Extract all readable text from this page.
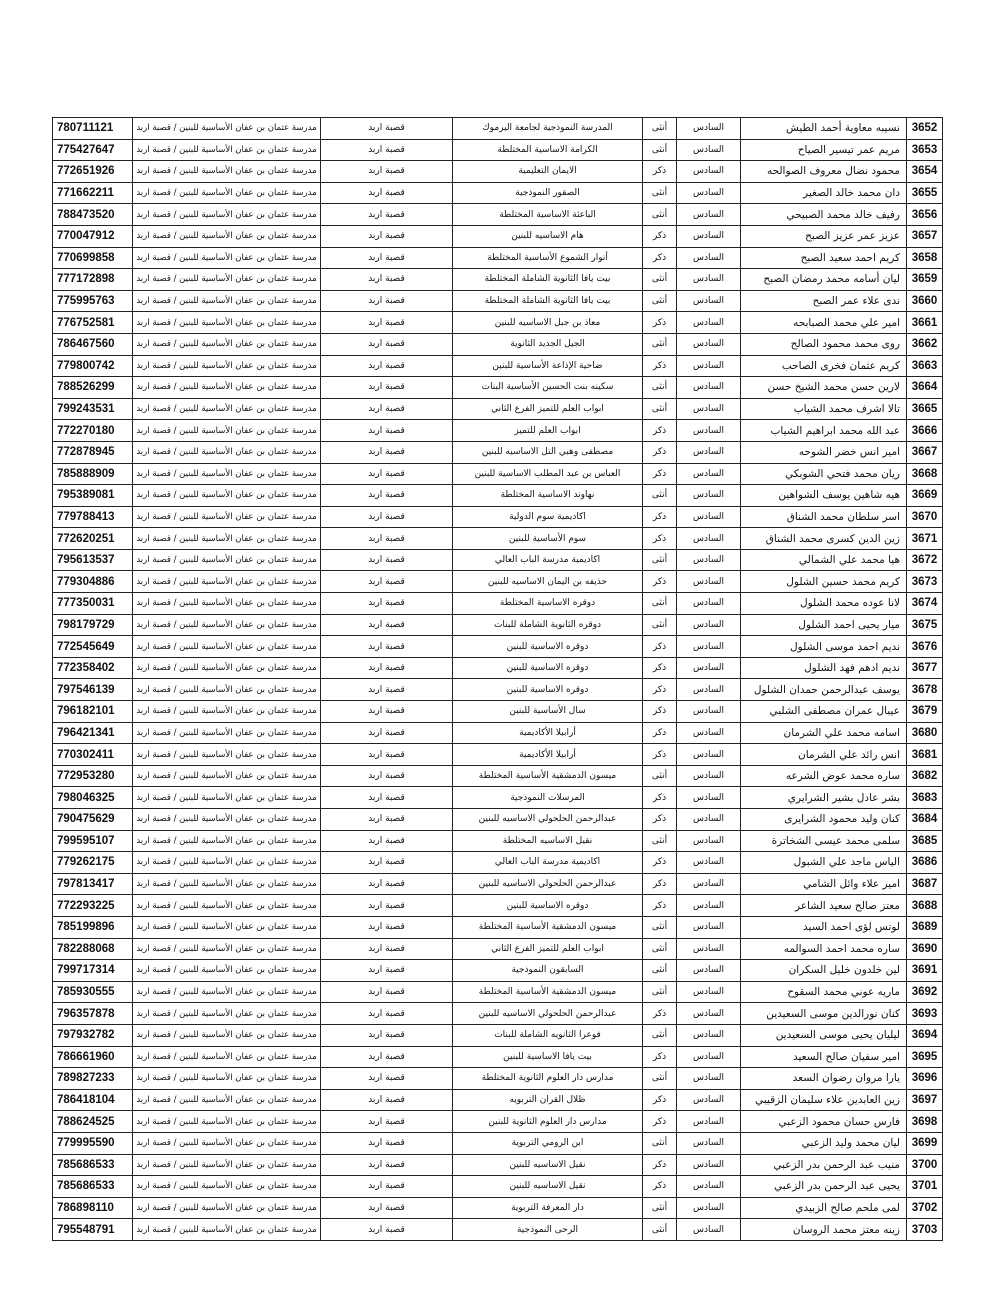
780711121	مدرسة عثمان بن عفان الأساسية للبنين / قصبة اربد	قصبة اربد	المدرسة النموذجية لجامعة اليرموك	أنثى	السادس	نسيبه معاوية أحمد الطيش	3652
775427647	مدرسة عثمان بن عفان الأساسية للبنين / قصبة اربد	قصبة اربد	الكرامة الاساسية المختلطة	أنثى	السادس	مريم عمر تيسير الصياح	3653
772651926	مدرسة عثمان بن عفان الأساسية للبنين / قصبة اربد	قصبة اربد	الايمان التعليمية	ذكر	السادس	محمود نضال معروف الصوالحه	3654
771662211	مدرسة عثمان بن عفان الأساسية للبنين / قصبة اربد	قصبة اربد	الصقور النموذجية	أنثى	السادس	دان محمد خالد الصغير	3655
788473520	مدرسة عثمان بن عفان الأساسية للبنين / قصبة اربد	قصبة اربد	الباعثة الاساسية المختلطة	أنثى	السادس	رفيف خالد محمد الصبيحي	3656
770047912	مدرسة عثمان بن عفان الأساسية للبنين / قصبة اربد	قصبة اربد	هام الاساسيه للبنين	ذكر	السادس	عزيز عمر عزيز الصبح	3657
770699858	مدرسة عثمان بن عفان الأساسية للبنين / قصبة اربد	قصبة اربد	أنوار الشموع الأساسية المختلطة	ذكر	السادس	كريم احمد سعيد الصبح	3658
777172898	مدرسة عثمان بن عفان الأساسية للبنين / قصبة اربد	قصبة اربد	بيت يافا الثانوية الشاملة المختلطة	أنثى	السادس	ليان أسامه محمد رمضان الصبح	3659
775995763	مدرسة عثمان بن عفان الأساسية للبنين / قصبة اربد	قصبة اربد	بيت يافا الثانوية الشاملة المختلطة	أنثى	السادس	ندى علاء عمر الصبح	3660
776752581	مدرسة عثمان بن عفان الأساسية للبنين / قصبة اربد	قصبة اربد	معاذ بن جبل الاساسيه للبنين	ذكر	السادس	امير علي محمد الصبابحه	3661
786467560	مدرسة عثمان بن عفان الأساسية للبنين / قصبة اربد	قصبة اربد	الجيل الجديد الثانوية	أنثى	السادس	روى محمد محمود الصالح	3662
779800742	مدرسة عثمان بن عفان الأساسية للبنين / قصبة اربد	قصبة اربد	ضاحية الإذاعة الأساسية للبنين	ذكر	السادس	كريم عثمان فخرى الصاحب	3663
788526299	مدرسة عثمان بن عفان الأساسية للبنين / قصبة اربد	قصبة اربد	سكينه بنت الحسين الأساسية البنات	أنثى	السادس	لارين حسن محمد الشيخ حسن	3664
799243531	مدرسة عثمان بن عفان الأساسية للبنين / قصبة اربد	قصبة اربد	ابواب العلم للتميز الفرع الثاني	أنثى	السادس	تالا اشرف محمد الشياب	3665
772270180	مدرسة عثمان بن عفان الأساسية للبنين / قصبة اربد	قصبة اربد	ابواب العلم للتميز	ذكر	السادس	عبد الله محمد ابراهيم الشياب	3666
772878945	مدرسة عثمان بن عفان الأساسية للبنين / قصبة اربد	قصبة اربد	مصطفى وهبي التل الاساسيه للبنين	ذكر	السادس	امير انس خضر الشوحه	3667
785888909	مدرسة عثمان بن عفان الأساسية للبنين / قصبة اربد	قصبة اربد	العباس بن عبد المطلب الاساسية للبنين	ذكر	السادس	ريان محمد فتحي الشوبكي	3668
795389081	مدرسة عثمان بن عفان الأساسية للبنين / قصبة اربد	قصبة اربد	نهاوند الاساسية المختلطة	أنثى	السادس	هيه شاهين يوسف الشواهين	3669
779788413	مدرسة عثمان بن عفان الأساسية للبنين / قصبة اربد	قصبة اربد	اكاديمية سوم الدولية	ذكر	السادس	اسر سلطان محمد الشناق	3670
772620251	مدرسة عثمان بن عفان الأساسية للبنين / قصبة اربد	قصبة اربد	سوم الأساسية للبنين	ذكر	السادس	زين الدين كسرى محمد الشناق	3671
795613537	مدرسة عثمان بن عفان الأساسية للبنين / قصبة اربد	قصبة اربد	اكاديمية مدرسة الباب العالي	أنثى	السادس	هيا محمد علي الشمالي	3672
779304886	مدرسة عثمان بن عفان الأساسية للبنين / قصبة اربد	قصبة اربد	حذيفه بن اليمان الاساسيه للبنين	ذكر	السادس	كريم محمد حسين الشلول	3673
777350031	مدرسة عثمان بن عفان الأساسية للبنين / قصبة اربد	قصبة اربد	دوقره الاساسية المختلطة	أنثى	السادس	لانا عوده محمد الشلول	3674
798179729	مدرسة عثمان بن عفان الأساسية للبنين / قصبة اربد	قصبة اربد	دوقره الثانوية الشاملة للبنات	أنثى	السادس	ميار يحيى احمد الشلول	3675
772545649	مدرسة عثمان بن عفان الأساسية للبنين / قصبة اربد	قصبة اربد	دوقره الاساسية للبنين	ذكر	السادس	نديم احمد موسى الشلول	3676
772358402	مدرسة عثمان بن عفان الأساسية للبنين / قصبة اربد	قصبة اربد	دوقره الاساسية للبنين	ذكر	السادس	نديم ادهم فهد الشلول	3677
797546139	مدرسة عثمان بن عفان الأساسية للبنين / قصبة اربد	قصبة اربد	دوقره الاساسية للبنين	ذكر	السادس	يوسف عبدالرحمن حمدان الشلول	3678
796182101	مدرسة عثمان بن عفان الأساسية للبنين / قصبة اربد	قصبة اربد	سال الأساسية للبنين	ذكر	السادس	عيبال عمران مصطفى الشلبي	3679
796421341	مدرسة عثمان بن عفان الأساسية للبنين / قصبة اربد	قصبة اربد	أرابيلا الأكاديمية	ذكر	السادس	اسامه محمد علي الشرمان	3680
770302411	مدرسة عثمان بن عفان الأساسية للبنين / قصبة اربد	قصبة اربد	أرابيلا الأكاديمية	ذكر	السادس	انس رائد علي الشرمان	3681
772953280	مدرسة عثمان بن عفان الأساسية للبنين / قصبة اربد	قصبة اربد	ميسون الدمشقية الأساسية المختلطة	أنثى	السادس	ساره محمد عوض الشرعه	3682
798046325	مدرسة عثمان بن عفان الأساسية للبنين / قصبة اربد	قصبة اربد	المرسلات النموذجية	ذكر	السادس	بشر عادل بشير الشرايري	3683
790475629	مدرسة عثمان بن عفان الأساسية للبنين / قصبة اربد	قصبة اربد	عبدالرحمن الحلحولي الاساسيه للبنين	ذكر	السادس	كنان وليد محمود الشرايرى	3684
799595107	مدرسة عثمان بن عفان الأساسية للبنين / قصبة اربد	قصبة اربد	نقيل الاساسيه المختلطة	أنثى	السادس	سلمى محمد عيسى الشخاترة	3685
779262175	مدرسة عثمان بن عفان الأساسية للبنين / قصبة اربد	قصبة اربد	اكاديمية مدرسة الباب العالي	ذكر	السادس	الياس ماجد علي الشبول	3686
797813417	مدرسة عثمان بن عفان الأساسية للبنين / قصبة اربد	قصبة اربد	عبدالرحمن الحلحولي الاساسيه للبنين	ذكر	السادس	امير علاء وائل الشامي	3687
772293225	مدرسة عثمان بن عفان الأساسية للبنين / قصبة اربد	قصبة اربد	دوقره الاساسية للبنين	ذكر	السادس	معتز صالح سعيد الشاعر	3688
785199896	مدرسة عثمان بن عفان الأساسية للبنين / قصبة اربد	قصبة اربد	ميسون الدمشقية الأساسية المختلطة	أنثى	السادس	لوتس لؤى احمد السيد	3689
782288068	مدرسة عثمان بن عفان الأساسية للبنين / قصبة اربد	قصبة اربد	ابواب العلم للتميز الفرع الثاني	أنثى	السادس	ساره محمد احمد السوالمه	3690
799717314	مدرسة عثمان بن عفان الأساسية للبنين / قصبة اربد	قصبة اربد	السابقون النموذجية	أنثى	السادس	لين خلدون خليل السكران	3691
785930555	مدرسة عثمان بن عفان الأساسية للبنين / قصبة اربد	قصبة اربد	ميسون الدمشقية الأساسية المختلطة	أنثى	السادس	ماريه عوني محمد السقوح	3692
796357878	مدرسة عثمان بن عفان الأساسية للبنين / قصبة اربد	قصبة اربد	عبدالرحمن الحلحولي الاساسيه للبنين	ذكر	السادس	كنان نورالدين موسى السعيدين	3693
797932782	مدرسة عثمان بن عفان الأساسية للبنين / قصبة اربد	قصبة اربد	فوعرا الثانويه الشاملة للبنات	أنثى	السادس	ليليان يحيى موسى السعيدين	3694
786661960	مدرسة عثمان بن عفان الأساسية للبنين / قصبة اربد	قصبة اربد	بيت يافا الاساسية للبنين	ذكر	السادس	امير سفيان صالح السعيد	3695
789827233	مدرسة عثمان بن عفان الأساسية للبنين / قصبة اربد	قصبة اربد	مدارس دار العلوم الثانوية المختلطة	أنثى	السادس	يارا مروان رضوان السعد	3696
786418104	مدرسة عثمان بن عفان الأساسية للبنين / قصبة اربد	قصبة اربد	ظلال القران التربويه	ذكر	السادس	زين العابدين علاء سليمان الزقيبي	3697
788624525	مدرسة عثمان بن عفان الأساسية للبنين / قصبة اربد	قصبة اربد	مدارس دار العلوم الثانوية للبنين	ذكر	السادس	فارس حسان محمود الزعبي	3698
779995590	مدرسة عثمان بن عفان الأساسية للبنين / قصبة اربد	قصبة اربد	ابن الرومي التربوية	أنثى	السادس	ليان محمد وليد الزعبي	3699
785686533	مدرسة عثمان بن عفان الأساسية للبنين / قصبة اربد	قصبة اربد	نقيل الاساسيه للبنين	ذكر	السادس	منيب عبد الرحمن بدر الزعبي	3700
785686533	مدرسة عثمان بن عفان الأساسية للبنين / قصبة اربد	قصبة اربد	نقيل الاساسيه للبنين	ذكر	السادس	يحيى عبد الرحمن بدر الزعبي	3701
786898110	مدرسة عثمان بن عفان الأساسية للبنين / قصبة اربد	قصبة اربد	دار المعرفة التربوية	أنثى	السادس	لمى ملحم صالح الزبيدي	3702
795548791	مدرسة عثمان بن عفان الأساسية للبنين / قصبة اربد	قصبة اربد	الرحى النموذجية	أنثى	السادس	زينه معتز محمد الروسان	3703
